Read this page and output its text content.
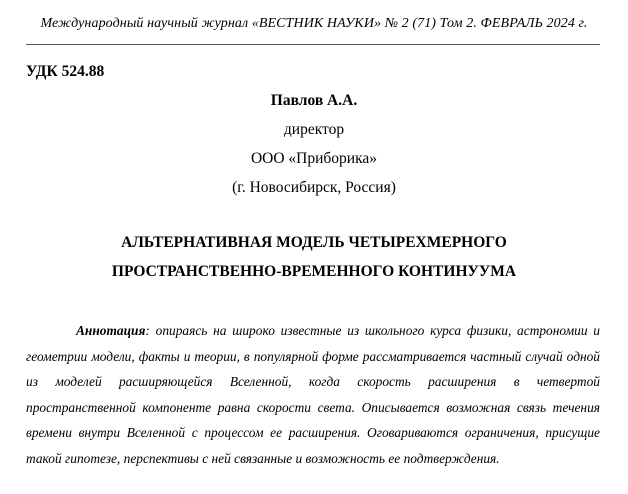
Международный научный журнал «ВЕСТНИК НАУКИ» № 2 (71) Том 2. ФЕВРАЛЬ 2024 г.
УДК 524.88
Павлов А.А.
директор
ООО «Приборика»
(г. Новосибирск, Россия)
АЛЬТЕРНАТИВНАЯ МОДЕЛЬ ЧЕТЫРЕХМЕРНОГО
ПРОСТРАНСТВЕННО-ВРЕМЕННОГО КОНТИНУУМА

Аннотация: опираясь на широко известные из школьного курса физики, астрономии и геометрии модели, факты и теории, в популярной форме рассматривается частный случай одной из моделей расширяющейся Вселенной, когда скорость расширения в четвертой пространственной компоненте равна скорости света. Описывается возможная связь течения времени внутри Вселенной с процессом ее расширения. Оговариваются ограничения, присущие такой гипотезе, перспективы с ней связанные и возможность ее подтверждения.
